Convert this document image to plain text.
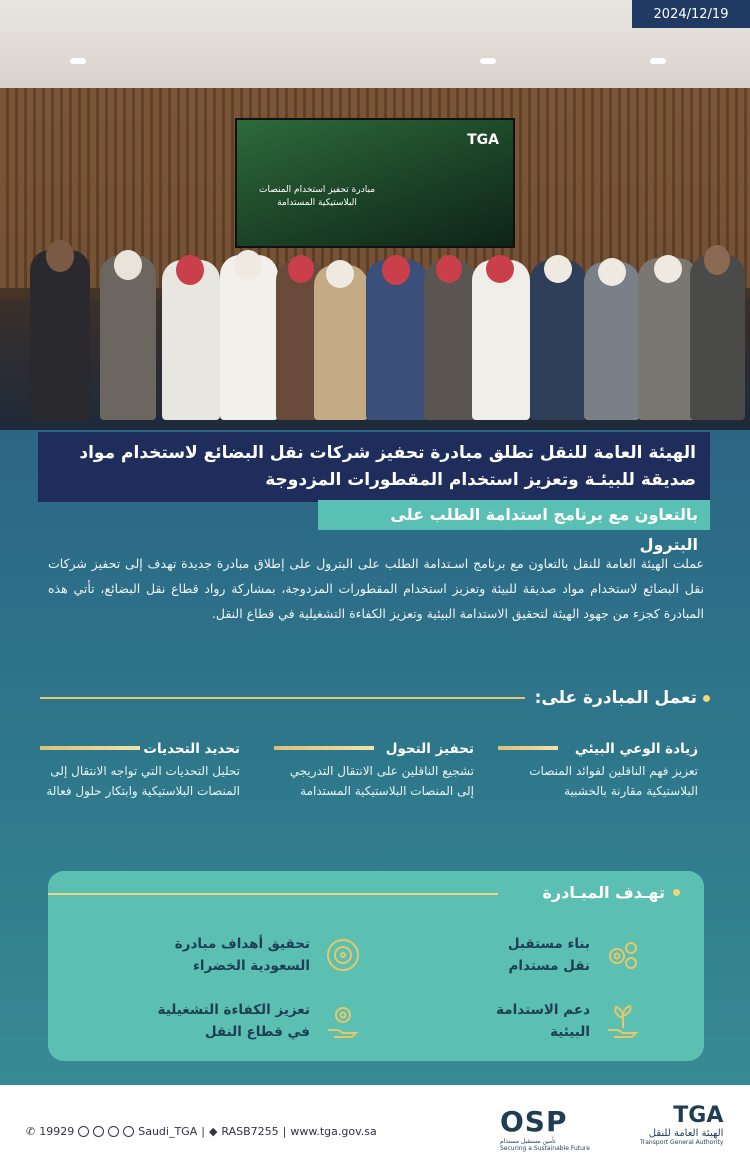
TGA
مبادرة تحفيز استخدام المنصات البلاستيكية المستدامة
2024/12/19
الهيئة العامة للنقل تطلق مبادرة تحفيز شركات نقل البضائع لاستخدام مواد صديقة للبيئـة وتعزيز استخدام المقطورات المزدوجة
بالتعاون مع برنامج استدامة الطلب على البترول
عملت الهيئة العامة للنقل بالتعاون مع برنامج اسـتدامة الطلب على البترول على إطلاق مبادرة جديدة تهدف إلى تحفيز شركات نقل البضائع لاستخدام مواد صديقة للبيئة وتعزيز استخدام المقطورات المزدوجة، بمشاركة رواد قطاع نقل البضائع، تأتي هذه المبادرة كجزء من جهود الهيئة لتحقيق الاستدامة البيئية وتعزيز الكفاءة التشغيلية في قطاع النقل.
تعمل المبادرة على:
زيادة الوعي البيئي
تعزيز فهم الناقلين لفوائد المنصات البلاستيكية مقارنة بالخشبية
تحفيز التحول
تشجيع الناقلين على الانتقال التدريجي إلى المنصات البلاستيكية المستدامة
تحديد التحديات
تحليل التحديات التي تواجه الانتقال إلى المنصات البلاستيكية وابتكار حلول فعالة
تهـدف المبـادرة
بناء مستقبل نقل مستدام
تحقيق أهداف مبادرة السعودية الخضراء
دعم الاستدامة البيئية
تعزيز الكفاءة التشغيلية في قطاع النقل
✆ 19929	Saudi_TGA | ◆ RASB7255 | www.tga.gov.sa	OSP
تأمين مستقبل مستدام
Securing a Sustainable Future
TGA
الهيئة العامة للنقل
Transport General Authority
